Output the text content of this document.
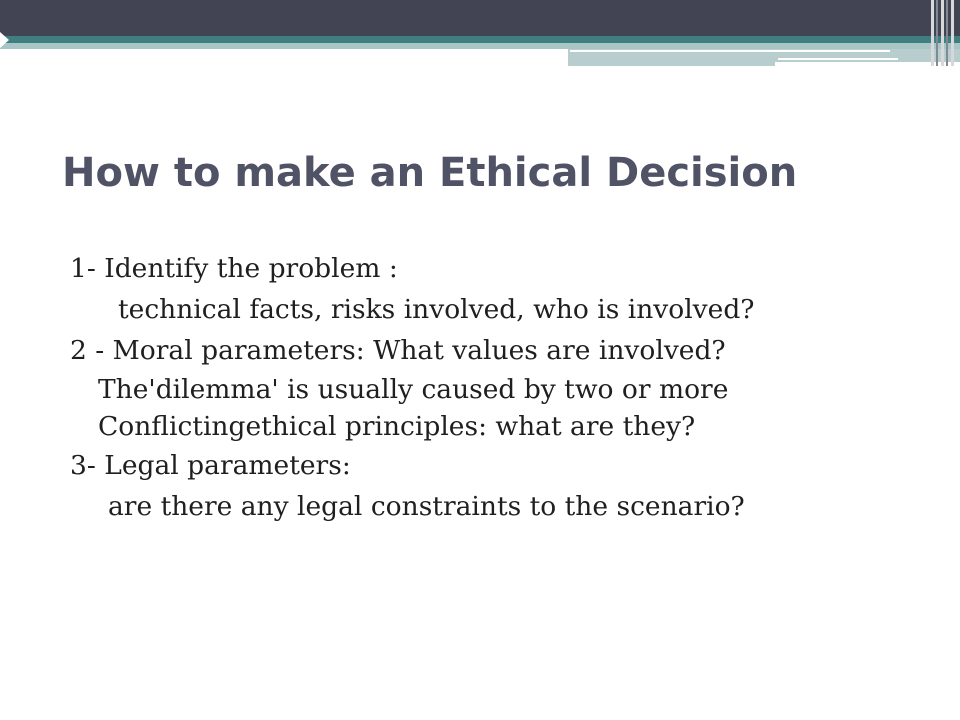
How to make an Ethical Decision
1- Identify the problem :
technical facts, risks involved, who is involved?
2 - Moral parameters: What values are involved?
The'dilemma' is usually caused by two or more
Conflictingethical principles: what are they?
3- Legal parameters:
are there any legal constraints to the scenario?
